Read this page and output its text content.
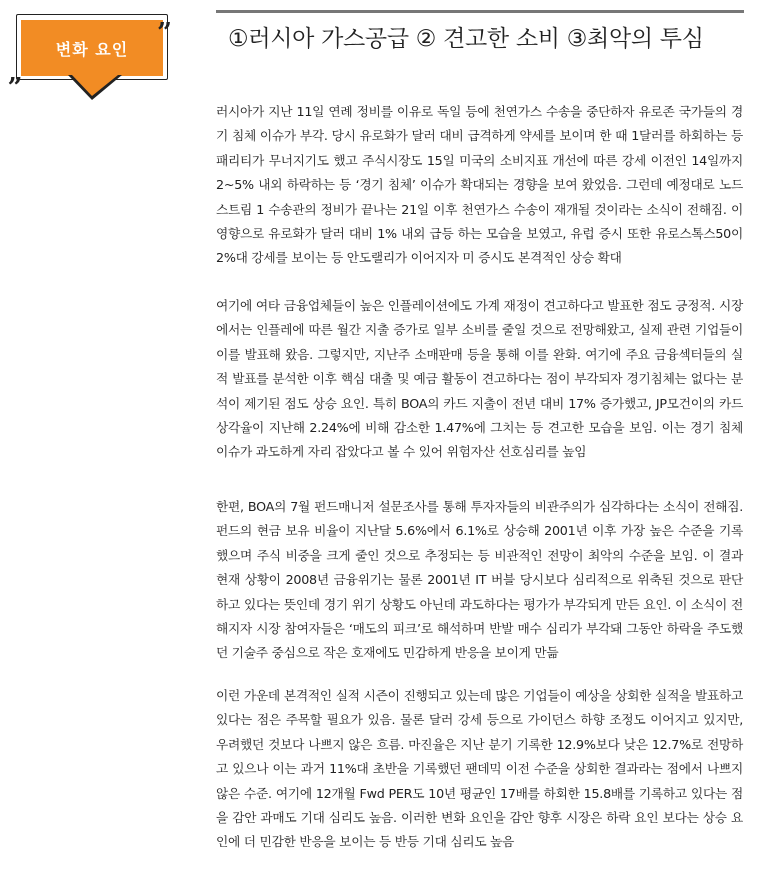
변화 요인
”
„
①러시아 가스공급 ② 견고한 소비 ③최악의 투심

러시아가 지난 11일 연례 정비를 이유로 독일 등에 천연가스 수송을 중단하자 유로존 국가들의 경기 침체 이슈가 부각. 당시 유로화가 달러 대비 급격하게 약세를 보이며 한 때 1달러를 하회하는 등 패리티가 무너지기도 했고 주식시장도 15일 미국의 소비지표 개선에 따른 강세 이전인 14일까지 2~5% 내외 하락하는 등 ‘경기 침체’ 이슈가 확대되는 경향을 보여 왔었음. 그런데 예정대로 노드스트림 1 수송관의 정비가 끝나는 21일 이후 천연가스 수송이 재개될 것이라는 소식이 전해짐. 이 영향으로 유로화가 달러 대비 1% 내외 급등 하는 모습을 보였고, 유럽 증시 또한 유로스톡스50이 2%대 강세를 보이는 등 안도랠리가 이어지자 미 증시도 본격적인 상승 확대

여기에 여타 금융업체들이 높은 인플레이션에도 가계 재정이 견고하다고 발표한 점도 긍정적. 시장에서는 인플레에 따른 월간 지출 증가로 일부 소비를 줄일 것으로 전망해왔고, 실제 관련 기업들이 이를 발표해 왔음. 그렇지만, 지난주 소매판매 등을 통해 이를 완화. 여기에 주요 금융섹터들의 실적 발표를 분석한 이후 핵심 대출 및 예금 활동이 견고하다는 점이 부각되자 경기침체는 없다는 분석이 제기된 점도 상승 요인. 특히 BOA의 카드 지출이 전년 대비 17% 증가했고, JP모건이의 카드 상각율이 지난해 2.24%에 비해 감소한 1.47%에 그치는 등 견고한 모습을 보임. 이는 경기 침체 이슈가 과도하게 자리 잡았다고 볼 수 있어 위험자산 선호심리를 높임

한편, BOA의 7월 펀드매니저 설문조사를 통해 투자자들의 비관주의가 심각하다는 소식이 전해짐. 펀드의 현금 보유 비율이 지난달 5.6%에서 6.1%로 상승해 2001년 이후 가장 높은 수준을 기록했으며 주식 비중을 크게 줄인 것으로 추정되는 등 비관적인 전망이 최악의 수준을 보임. 이 결과 현재 상황이 2008년 금융위기는 물론 2001년 IT 버블 당시보다 심리적으로 위축된 것으로 판단하고 있다는 뜻인데 경기 위기 상황도 아닌데 과도하다는 평가가 부각되게 만든 요인. 이 소식이 전해지자 시장 참여자들은 ‘매도의 피크’로 해석하며 반발 매수 심리가 부각돼 그동안 하락을 주도했던 기술주 중심으로 작은 호재에도 민감하게 반응을 보이게 만듦

이런 가운데 본격적인 실적 시즌이 진행되고 있는데 많은 기업들이 예상을 상회한 실적을 발표하고 있다는 점은 주목할 필요가 있음. 물론 달러 강세 등으로 가이던스 하향 조정도 이어지고 있지만, 우려했던 것보다 나쁘지 않은 흐름. 마진율은 지난 분기 기록한 12.9%보다 낮은 12.7%로 전망하고 있으나 이는 과거 11%대 초반을 기록했던 팬데믹 이전 수준을 상회한 결과라는 점에서 나쁘지 않은 수준. 여기에 12개월 Fwd PER도 10년 평균인 17배를 하회한 15.8배를 기록하고 있다는 점을 감안 과매도 기대 심리도 높음. 이러한 변화 요인을 감안 향후 시장은 하락 요인 보다는 상승 요인에 더 민감한 반응을 보이는 등 반등 기대 심리도 높음
